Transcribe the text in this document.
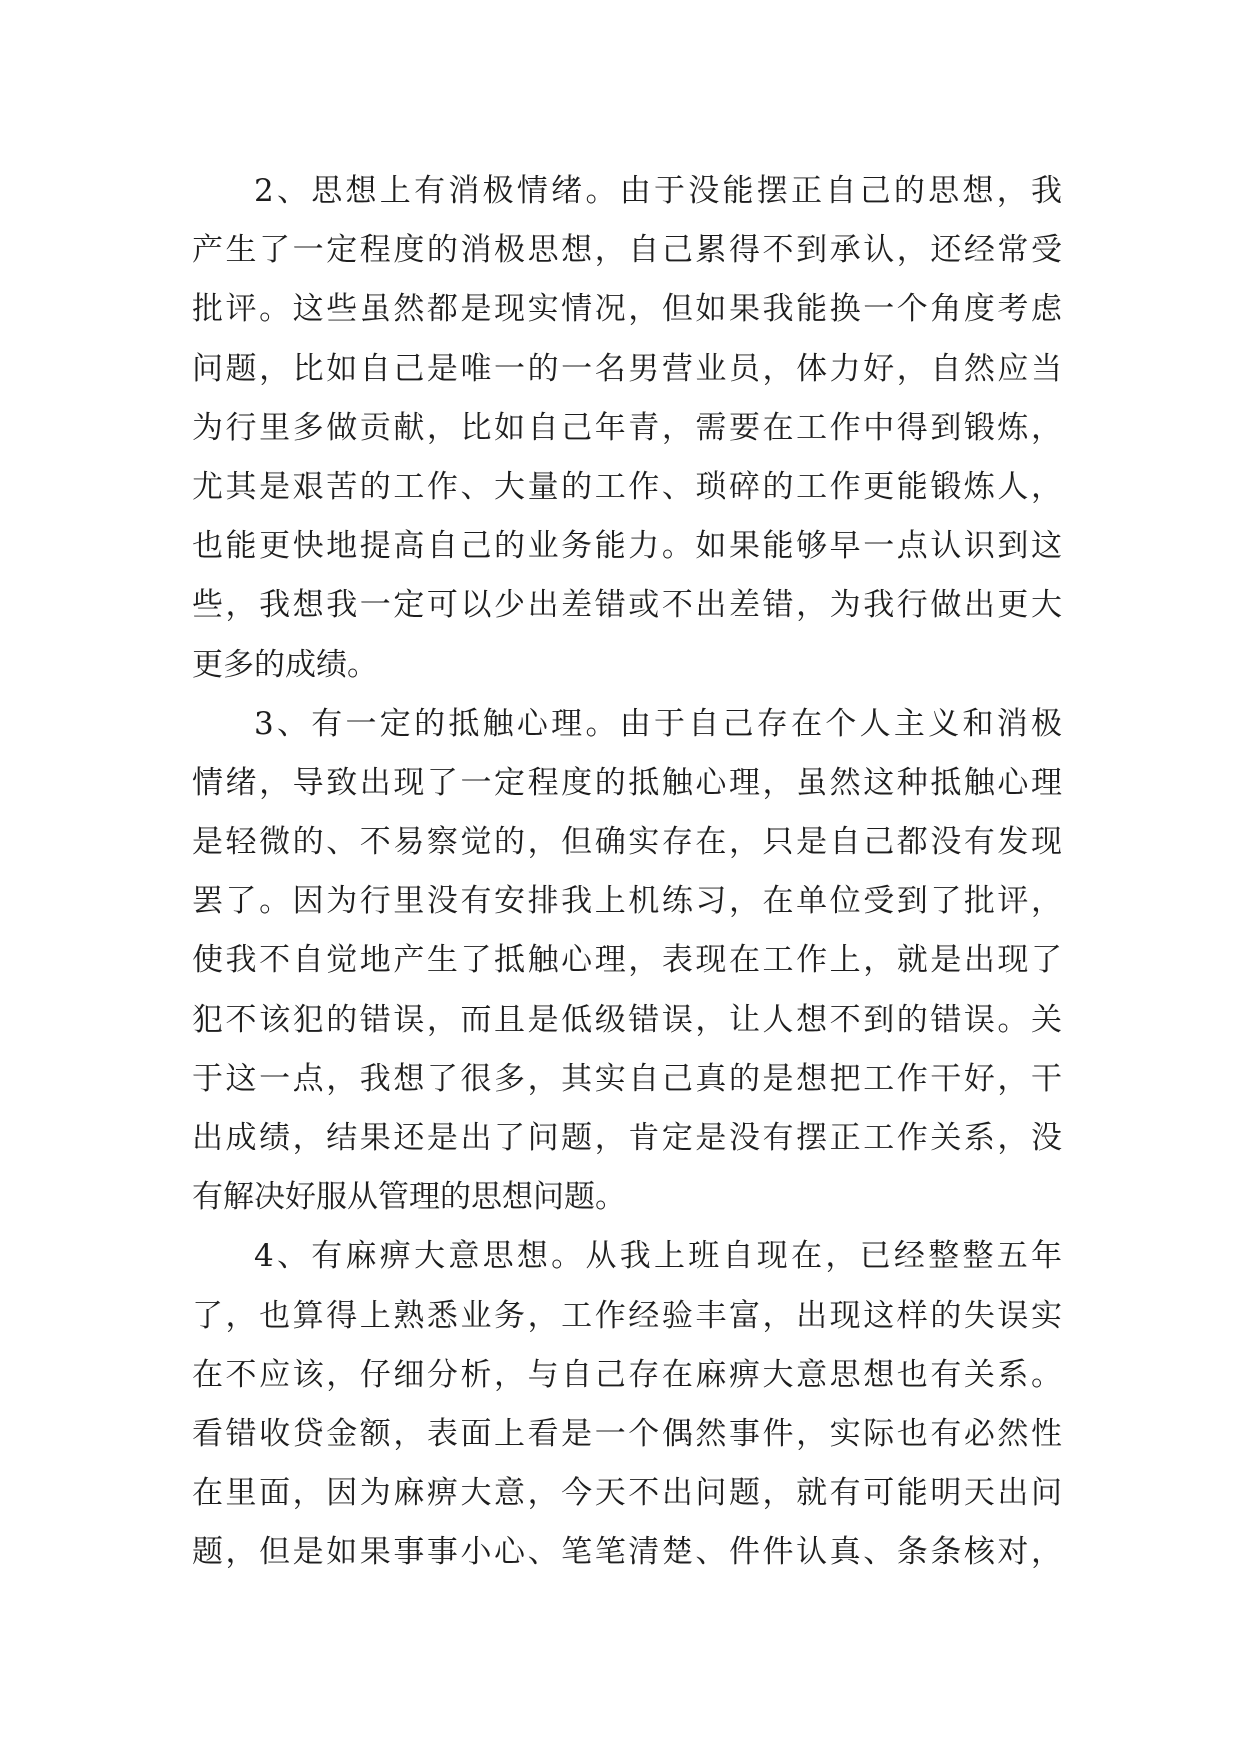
2、思想上有消极情绪。由于没能摆正自己的思想，我
产生了一定程度的消极思想，自己累得不到承认，还经常受
批评。这些虽然都是现实情况，但如果我能换一个角度考虑
问题，比如自己是唯一的一名男营业员，体力好，自然应当
为行里多做贡献，比如自己年青，需要在工作中得到锻炼，
尤其是艰苦的工作、大量的工作、琐碎的工作更能锻炼人，
也能更快地提高自己的业务能力。如果能够早一点认识到这
些，我想我一定可以少出差错或不出差错，为我行做出更大
更多的成绩。
3、有一定的抵触心理。由于自己存在个人主义和消极
情绪，导致出现了一定程度的抵触心理，虽然这种抵触心理
是轻微的、不易察觉的，但确实存在，只是自己都没有发现
罢了。因为行里没有安排我上机练习，在单位受到了批评，
使我不自觉地产生了抵触心理，表现在工作上，就是出现了
犯不该犯的错误，而且是低级错误，让人想不到的错误。关
于这一点，我想了很多，其实自己真的是想把工作干好，干
出成绩，结果还是出了问题，肯定是没有摆正工作关系，没
有解决好服从管理的思想问题。
4、有麻痹大意思想。从我上班自现在，已经整整五年
了，也算得上熟悉业务，工作经验丰富，出现这样的失误实
在不应该，仔细分析，与自己存在麻痹大意思想也有关系。
看错收贷金额，表面上看是一个偶然事件，实际也有必然性
在里面，因为麻痹大意，今天不出问题，就有可能明天出问
题，但是如果事事小心、笔笔清楚、件件认真、条条核对，
